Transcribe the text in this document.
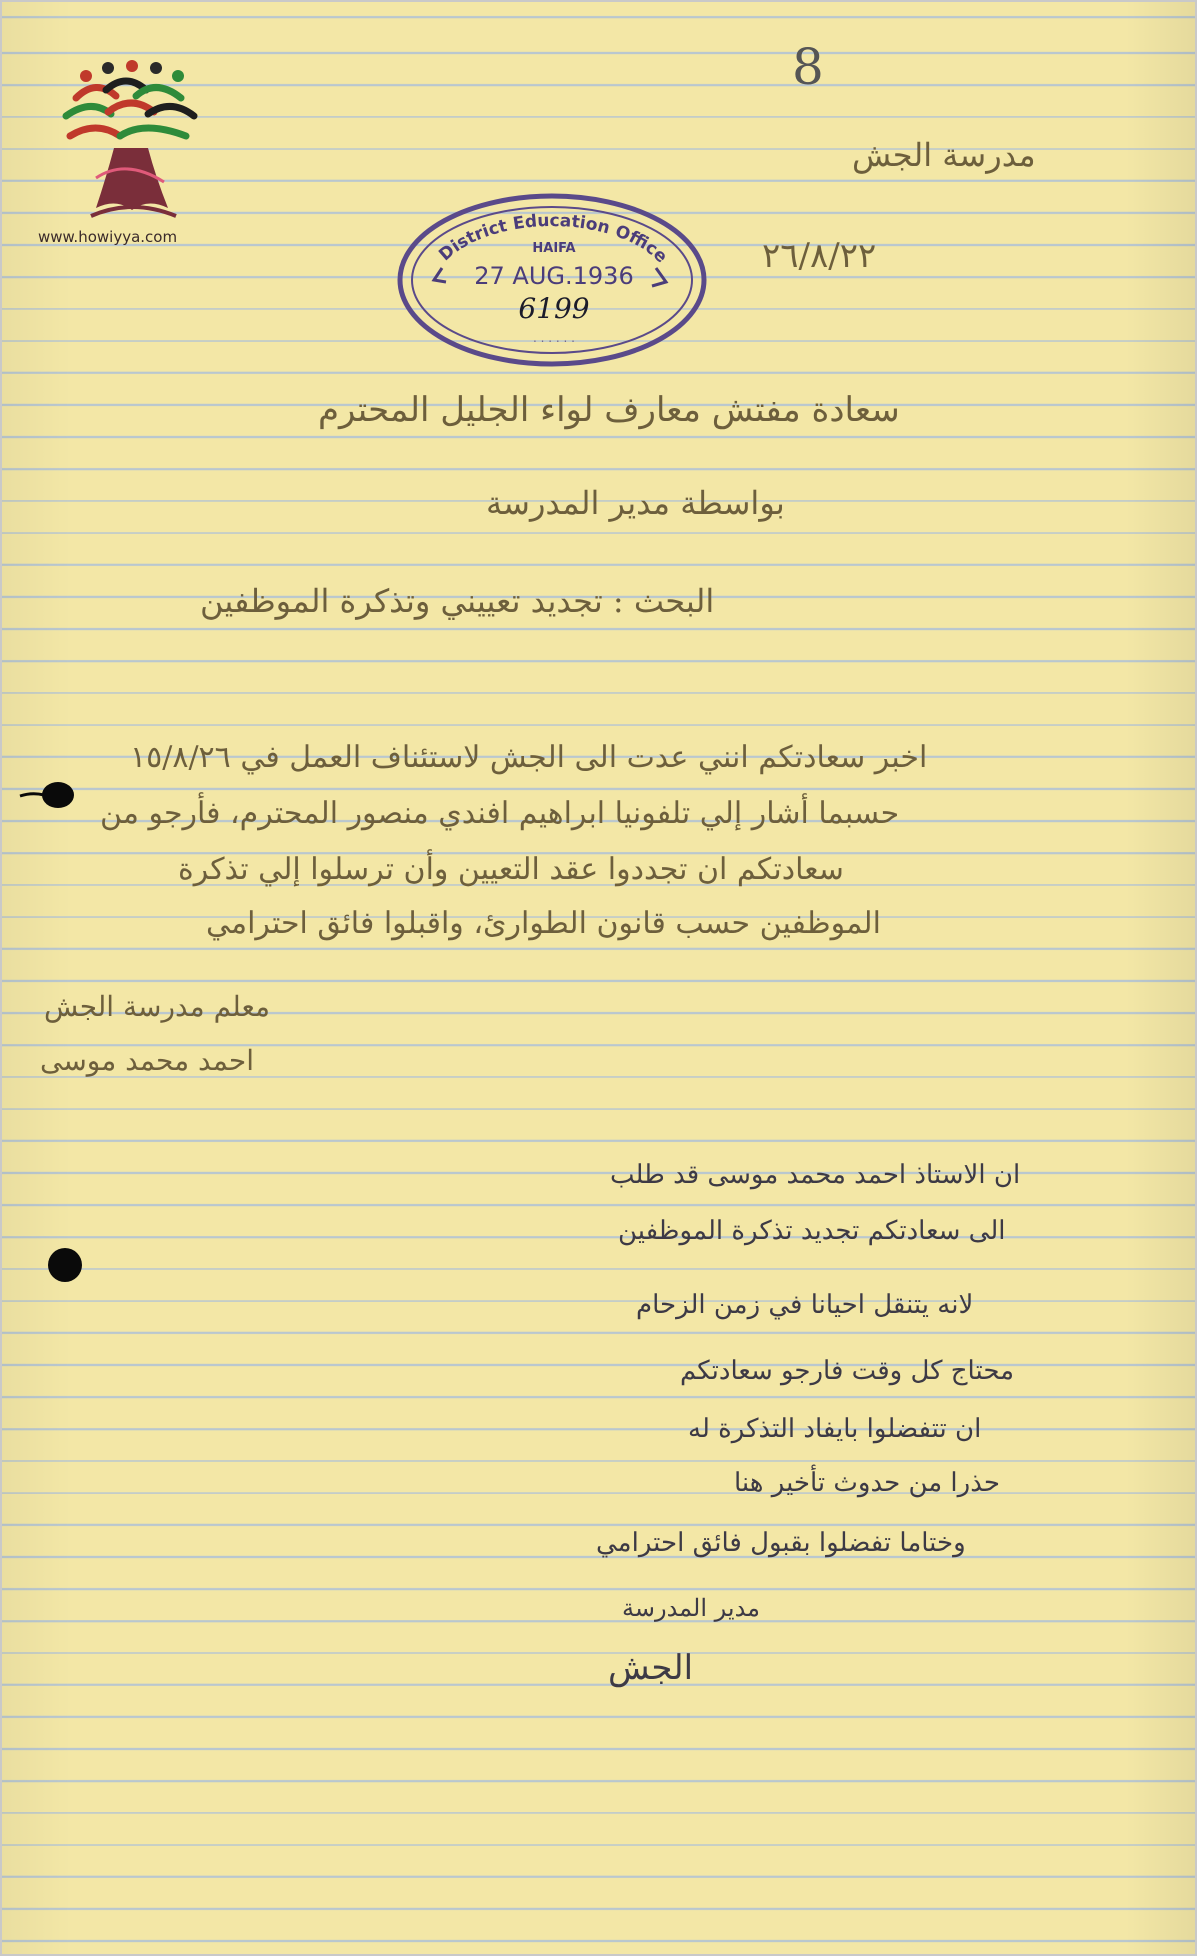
www.howiyya.com
8
مدرسة الجش
٢٦/٨/٢٢
District Education Office
HAIFA
27 AUG.1936
6199
. . . . . .
سعادة مفتش معارف لواء الجليل المحترم
بواسطة مدير المدرسة
البحث : تجديد تعييني وتذكرة الموظفين
اخبر سعادتكم انني عدت الى الجش لاستئناف العمل في ١٥/٨/٢٦
حسبما أشار إلي تلفونيا ابراهيم افندي منصور المحترم، فأرجو من
سعادتكم ان تجددوا عقد التعيين وأن ترسلوا إلي تذكرة
الموظفين حسب قانون الطوارئ، واقبلوا فائق احترامي
معلم مدرسة الجش
احمد محمد موسى
ان الاستاذ احمد محمد موسى قد طلب
الى سعادتكم تجديد تذكرة الموظفين
لانه يتنقل احيانا في زمن الزحام
محتاج كل وقت فارجو سعادتكم
ان تتفضلوا بايفاد التذكرة له
حذرا من حدوث تأخير هنا
وختاما تفضلوا بقبول فائق احترامي
مدير المدرسة
الجش
